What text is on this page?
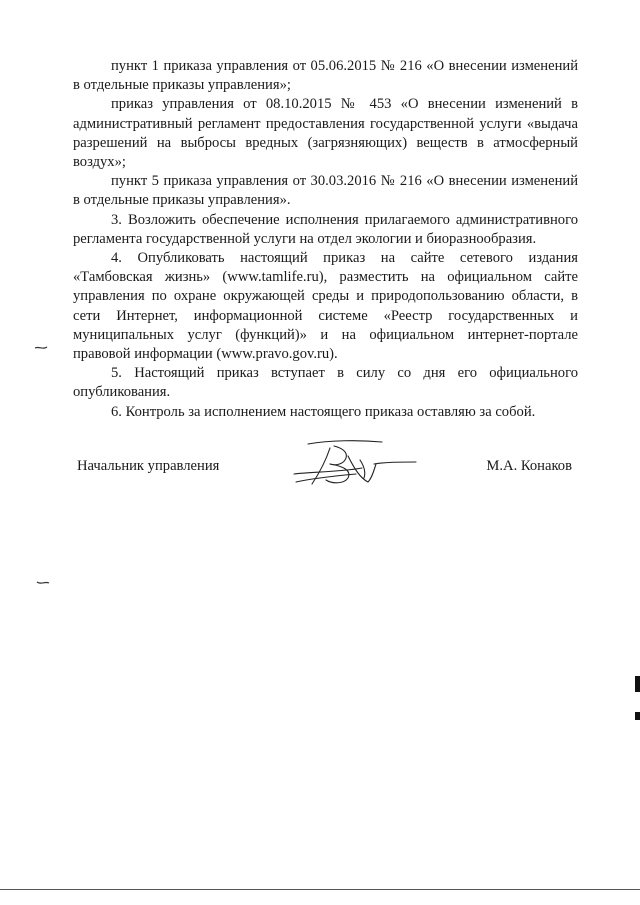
пункт 1 приказа управления от 05.06.2015 № 216 «О внесении изменений в отдельные приказы управления»;

приказ управления от 08.10.2015 № 453 «О внесении изменений в административный регламент предоставления государственной услуги «выдача разрешений на выбросы вредных (загрязняющих) веществ в атмосферный воздух»;

пункт 5 приказа управления от 30.03.2016 № 216 «О внесении изменений в отдельные приказы управления».

3. Возложить обеспечение исполнения прилагаемого административного регламента государственной услуги на отдел экологии и биоразнообразия.

4. Опубликовать настоящий приказ на сайте сетевого издания «Тамбовская жизнь» (www.tamlife.ru), разместить на официальном сайте управления по охране окружающей среды и природопользованию области, в сети Интернет, информационной системе «Реестр государственных и муниципальных услуг (функций)» и на официальном интернет-портале правовой информации (www.pravo.gov.ru).

5. Настоящий приказ вступает в силу со дня его официального опубликования.

6. Контроль за исполнением настоящего приказа оставляю за собой.

Начальник управления	М.А. Конаков
